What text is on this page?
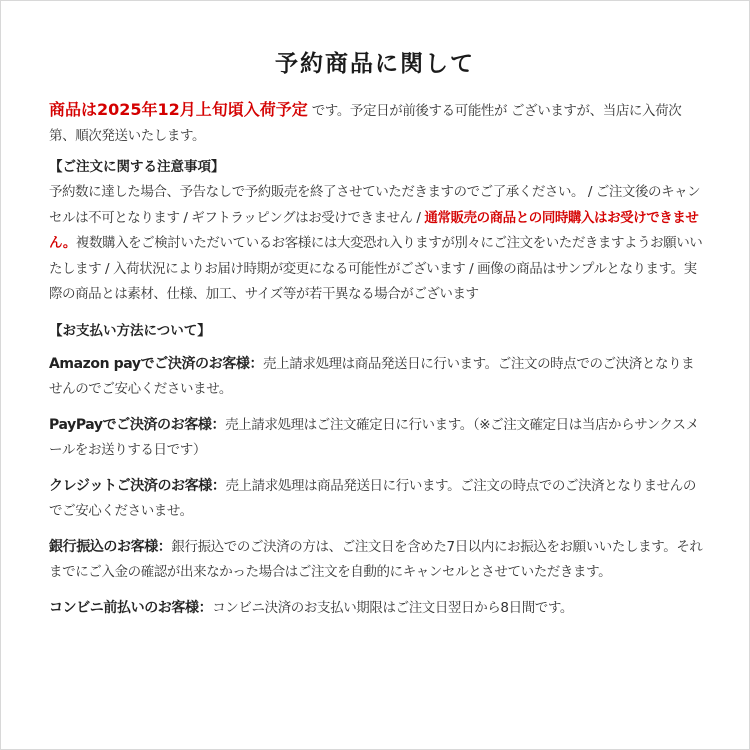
予約商品に関して

商品は2025年12月上旬頃入荷予定 です。予定日が前後する可能性が ございますが、当店に入荷次第、順次発送いたします。

【ご注文に関する注意事項】

予約数に達した場合、予告なしで予約販売を終了させていただきますのでご了承ください。 / ご注文後のキャンセルは不可となります / ギフトラッピングはお受けできません / 通常販売の商品との同時購入はお受けできません。複数購入をご検討いただいているお客様には大変恐れ入りますが別々にご注文をいただきますようお願いいたします / 入荷状況によりお届け時期が変更になる可能性がございます / 画像の商品はサンプルとなります。実際の商品とは素材、仕様、加工、サイズ等が若干異なる場合がございます

【お支払い方法について】

Amazon payでご決済のお客様：売上請求処理は商品発送日に行います。ご注文の時点でのご決済となりませんのでご安心くださいませ。

PayPayでご決済のお客様：売上請求処理はご注文確定日に行います。（※ご注文確定日は当店からサンクスメールをお送りする日です）

クレジットご決済のお客様：売上請求処理は商品発送日に行います。ご注文の時点でのご決済となりませんのでご安心くださいませ。

銀行振込のお客様：銀行振込でのご決済の方は、ご注文日を含めた7日以内にお振込をお願いいたします。それまでにご入金の確認が出来なかった場合はご注文を自動的にキャンセルとさせていただきます。

コンビニ前払いのお客様：コンビニ決済のお支払い期限はご注文日翌日から8日間です。
